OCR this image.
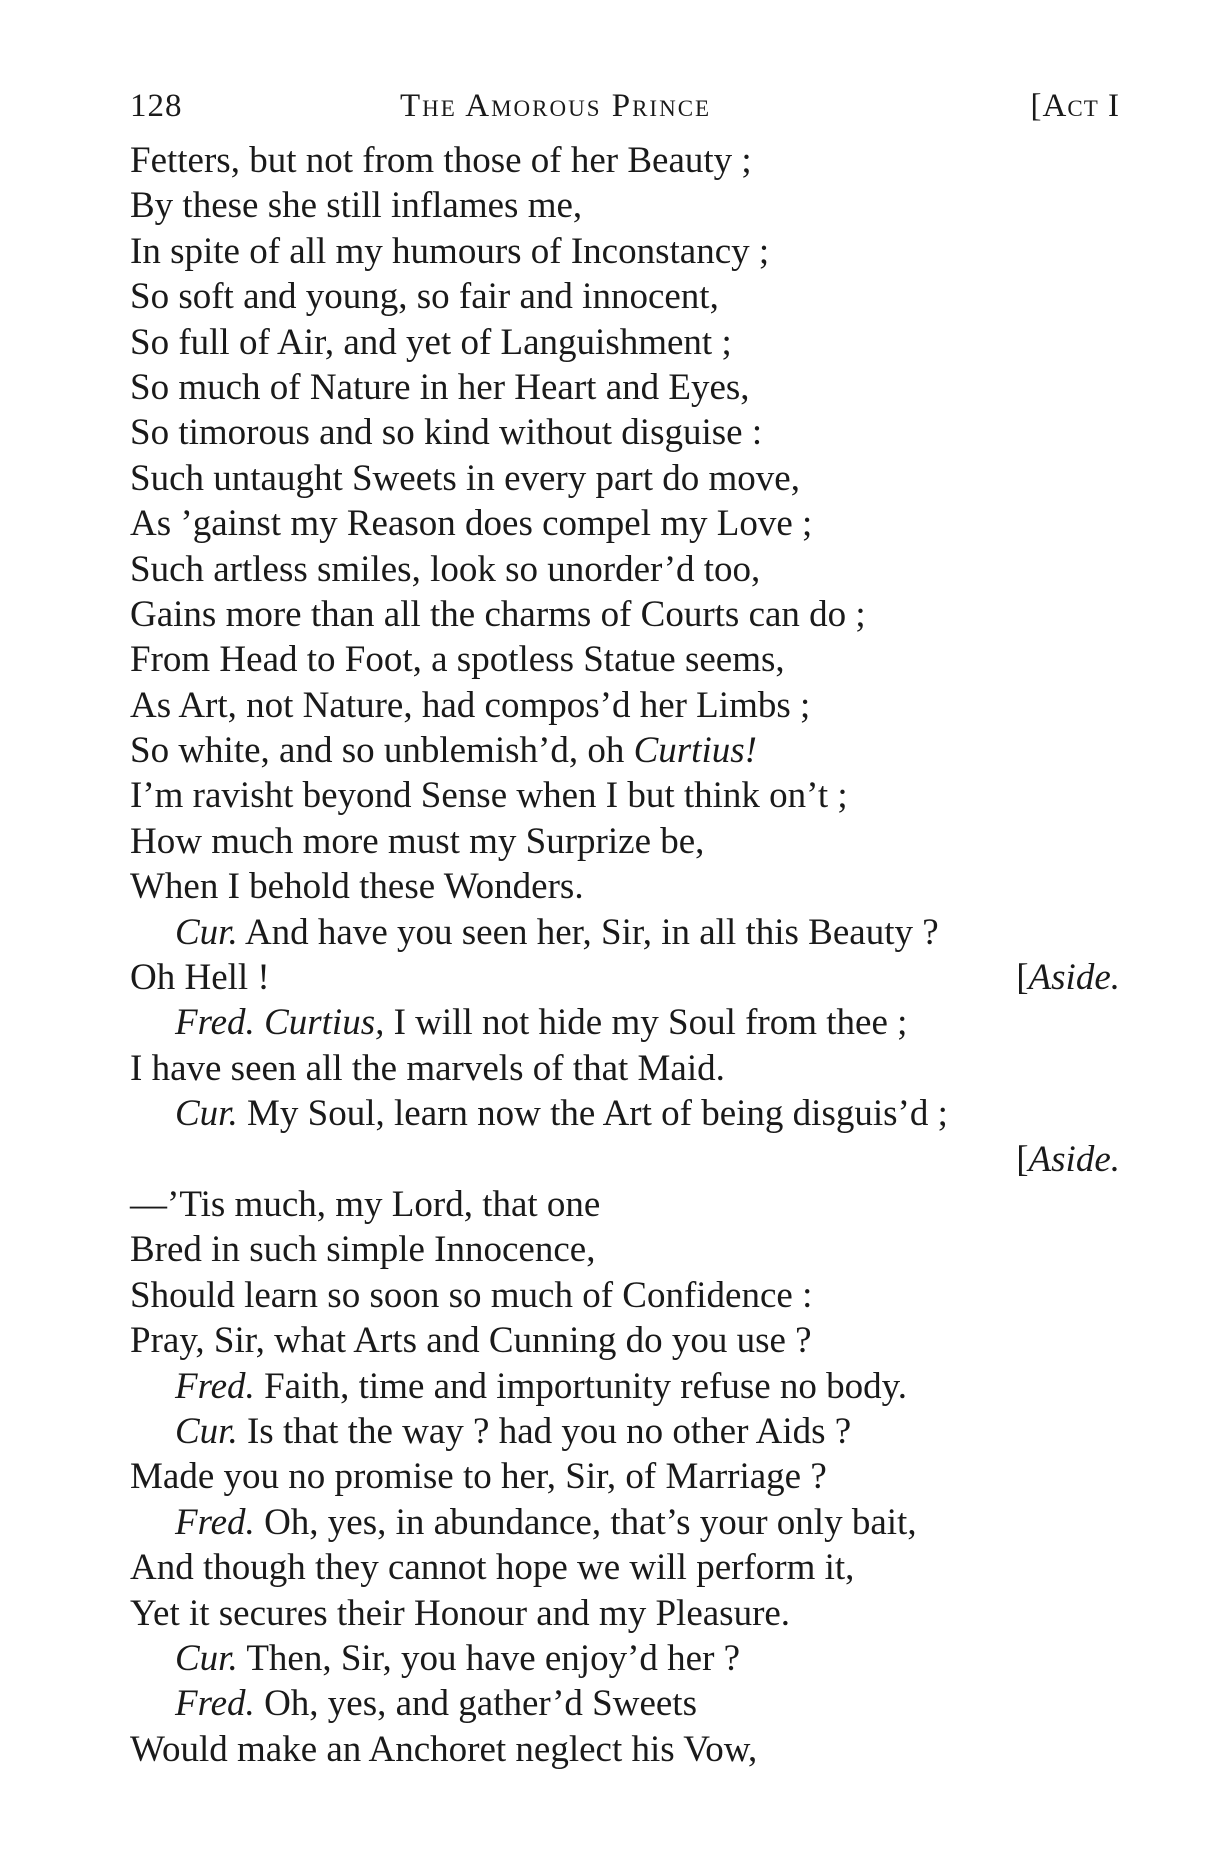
128	The Amorous Prince	[Act I
Fetters, but not from those of her Beauty ;
By these she still inflames me,
In spite of all my humours of Inconstancy ;
So soft and young, so fair and innocent,
So full of Air, and yet of Languishment ;
So much of Nature in her Heart and Eyes,
So timorous and so kind without disguise :
Such untaught Sweets in every part do move,
As ’gainst my Reason does compel my Love ;
Such artless smiles, look so unorder’d too,
Gains more than all the charms of Courts can do ;
From Head to Foot, a spotless Statue seems,
As Art, not Nature, had compos’d her Limbs ;
So white, and so unblemish’d, oh Curtius!
I’m ravisht beyond Sense when I but think on’t ;
How much more must my Surprize be,
When I behold these Wonders.
Cur. And have you seen her, Sir, in all this Beauty ?
Oh Hell !	[Aside.
Fred. Curtius, I will not hide my Soul from thee ;
I have seen all the marvels of that Maid.
Cur. My Soul, learn now the Art of being disguis’d ;
[Aside.
—’Tis much, my Lord, that one
Bred in such simple Innocence,
Should learn so soon so much of Confidence :
Pray, Sir, what Arts and Cunning do you use ?
Fred. Faith, time and importunity refuse no body.
Cur. Is that the way ? had you no other Aids ?
Made you no promise to her, Sir, of Marriage ?
Fred. Oh, yes, in abundance, that’s your only bait,
And though they cannot hope we will perform it,
Yet it secures their Honour and my Pleasure.
Cur. Then, Sir, you have enjoy’d her ?
Fred. Oh, yes, and gather’d Sweets
Would make an Anchoret neglect his Vow,
